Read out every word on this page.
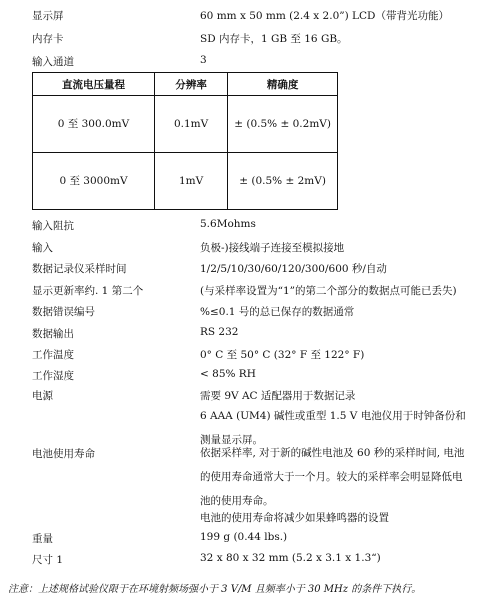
显示屏	60 mm x 50 mm (2.4 x 2.0”) LCD（带背光功能）
内存卡	SD 内存卡，1 GB 至 16 GB。
输入通道	3
直流电压量程	分辨率	精确度
0 至 300.0mV	0.1mV	± (0.5% ± 0.2mV)
0 至 3000mV	1mV	± (0.5% ± 2mV)
输入阻抗	5.6Mohms
输入	负极-)接线端子连接至模拟接地
数据记录仪采样时间	1/2/5/10/30/60/120/300/600 秒/自动
显示更新率约. 1 第二个	(与采样率设置为“1”的第二个部分的数据点可能已丢失)
数据错误编号	%≤0.1 号的总已保存的数据通常
数据输出	RS 232
工作温度	0° C 至 50° C (32° F 至 122° F)
工作湿度	< 85% RH
电源	需要 9V AC 适配器用于数据记录
6 AAA (UM4) 碱性或重型 1.5 V 电池仪用于时钟备份和测量显示屏。
电池使用寿命	依据采样率, 对于新的碱性电池及 60 秒的采样时间, 电池的使用寿命通常大于一个月。较大的采样率会明显降低电池的使用寿命。
电池的使用寿命将减少如果蜂鸣器的设置
重量	199 g (0.44 lbs.)
尺寸 1	32 x 80 x 32 mm (5.2 x 3.1 x 1.3“)
注意：上述规格试验仪限于在环境射频场强小于 3 V/M 且频率小于 30 MHz 的条件下执行。
